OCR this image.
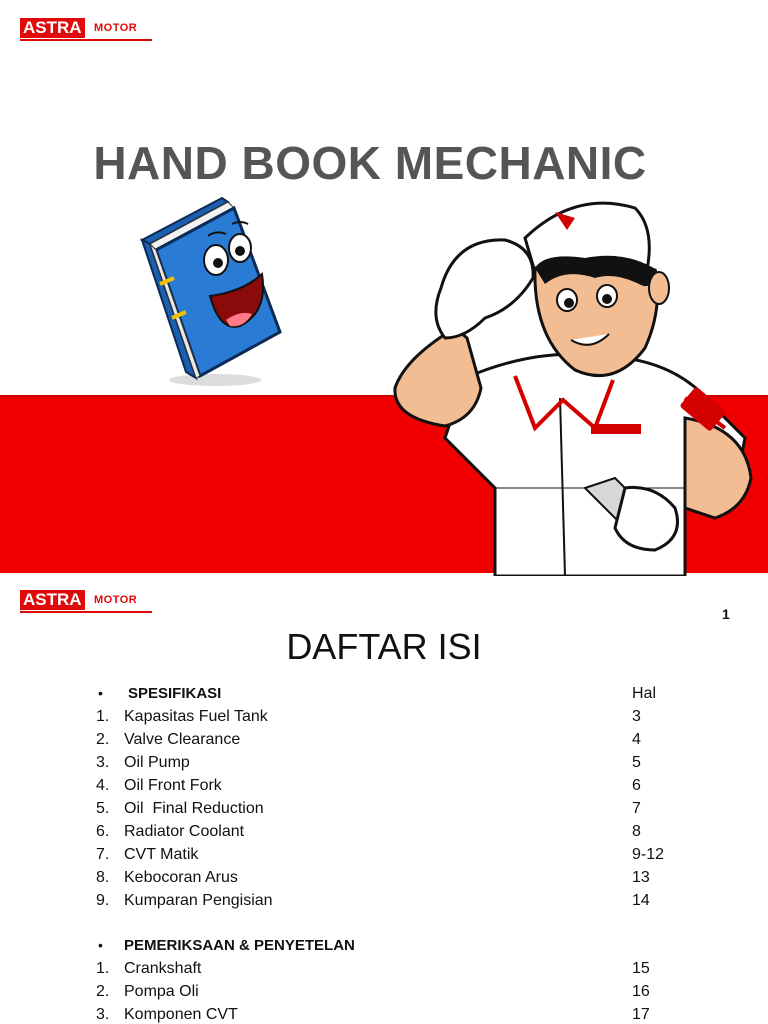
ASTRA MOTOR
HAND BOOK MECHANIC
ASTRA MOTOR
1
DAFTAR ISI
•	SPESIFIKASI	Hal
1. Kapasitas Fuel Tank	3
2. Valve Clearance	4
3. Oil Pump	5
4. Oil Front Fork	6
5. Oil  Final Reduction	7
6. Radiator Coolant	8
7. CVT Matik	9-12
8. Kebocoran Arus	13
9. Kumparan Pengisian	14
•	PEMERIKSAAN & PENYETELAN
1. Crankshaft	15
2. Pompa Oli	16
3. Komponen CVT	17
